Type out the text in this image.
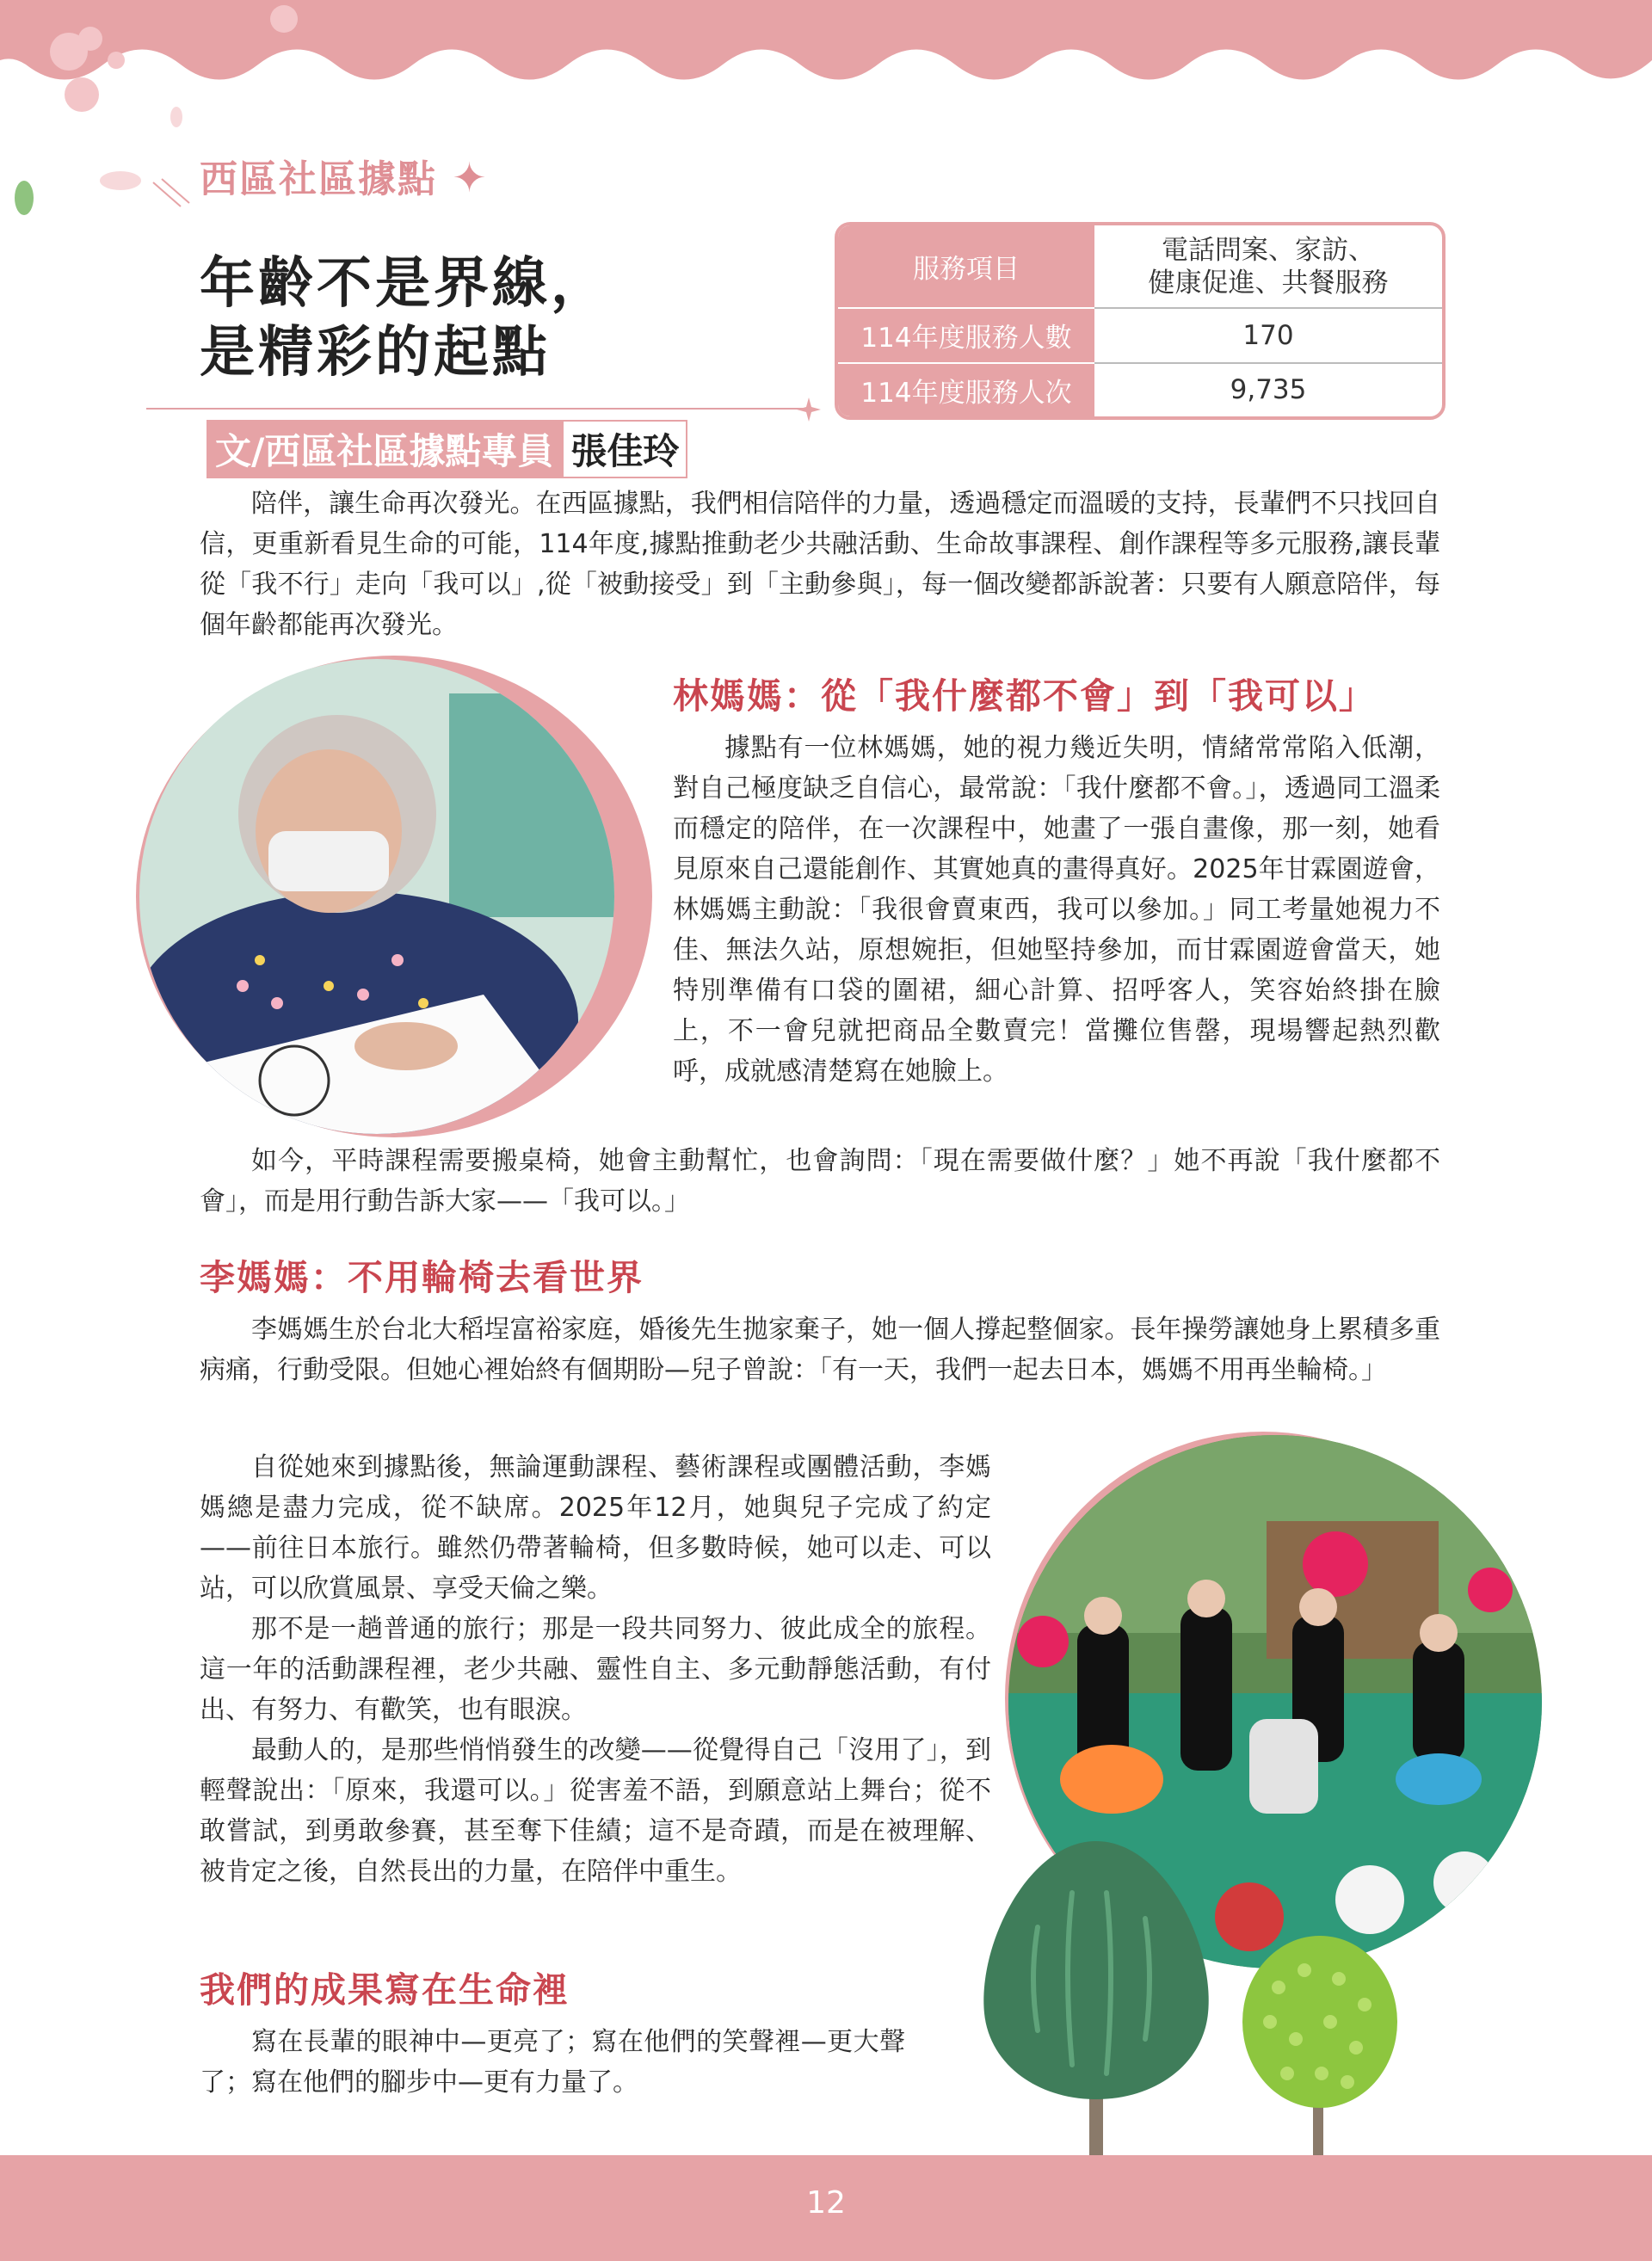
西區社區據點 ✦
年齡不是界線，
是精彩的起點
文/西區社區據點專員 張佳玲
服務項目	電話問案、家訪、
健康促進、共餐服務

114年度服務人數	170
114年度服務人次	9,735

陪伴，讓生命再次發光。在西區據點，我們相信陪伴的力量，透過穩定而溫暖的支持，長輩們不只找回自信，更重新看見生命的可能，114年度,據點推動老少共融活動、生命故事課程、創作課程等多元服務,讓長輩從「我不行」走向「我可以」,從「被動接受」到「主動參與」，每一個改變都訴說著：只要有人願意陪伴，每個年齡都能再次發光。

林媽媽：從「我什麼都不會」到「我可以」

據點有一位林媽媽，她的視力幾近失明，情緒常常陷入低潮，對自己極度缺乏自信心，最常說：「我什麼都不會。」，透過同工溫柔而穩定的陪伴，在一次課程中，她畫了一張自畫像，那一刻，她看見原來自己還能創作、其實她真的畫得真好。2025年甘霖園遊會，林媽媽主動說：「我很會賣東西，我可以參加。」同工考量她視力不佳、無法久站，原想婉拒，但她堅持參加，而甘霖園遊會當天，她特別準備有口袋的圍裙，細心計算、招呼客人，笑容始終掛在臉上，不一會兒就把商品全數賣完！當攤位售罄，現場響起熱烈歡呼，成就感清楚寫在她臉上。

如今，平時課程需要搬桌椅，她會主動幫忙，也會詢問：「現在需要做什麼？」她不再說「我什麼都不會」，而是用行動告訴大家——「我可以。」

李媽媽：不用輪椅去看世界

李媽媽生於台北大稻埕富裕家庭，婚後先生拋家棄子，她一個人撐起整個家。長年操勞讓她身上累積多重病痛，行動受限。但她心裡始終有個期盼—兒子曾說：「有一天，我們一起去日本，媽媽不用再坐輪椅。」

自從她來到據點後，無論運動課程、藝術課程或團體活動，李媽媽總是盡力完成，從不缺席。2025年12月，她與兒子完成了約定——前往日本旅行。雖然仍帶著輪椅，但多數時候，她可以走、可以站，可以欣賞風景、享受天倫之樂。

那不是一趟普通的旅行；那是一段共同努力、彼此成全的旅程。這一年的活動課程裡，老少共融、靈性自主、多元動靜態活動，有付出、有努力、有歡笑，也有眼淚。

最動人的，是那些悄悄發生的改變——從覺得自己「沒用了」，到輕聲說出：「原來，我還可以。」從害羞不語，到願意站上舞台；從不敢嘗試，到勇敢參賽，甚至奪下佳績；這不是奇蹟，而是在被理解、被肯定之後，自然長出的力量，在陪伴中重生。

我們的成果寫在生命裡

寫在長輩的眼神中—更亮了；寫在他們的笑聲裡—更大聲了；寫在他們的腳步中—更有力量了。

12
